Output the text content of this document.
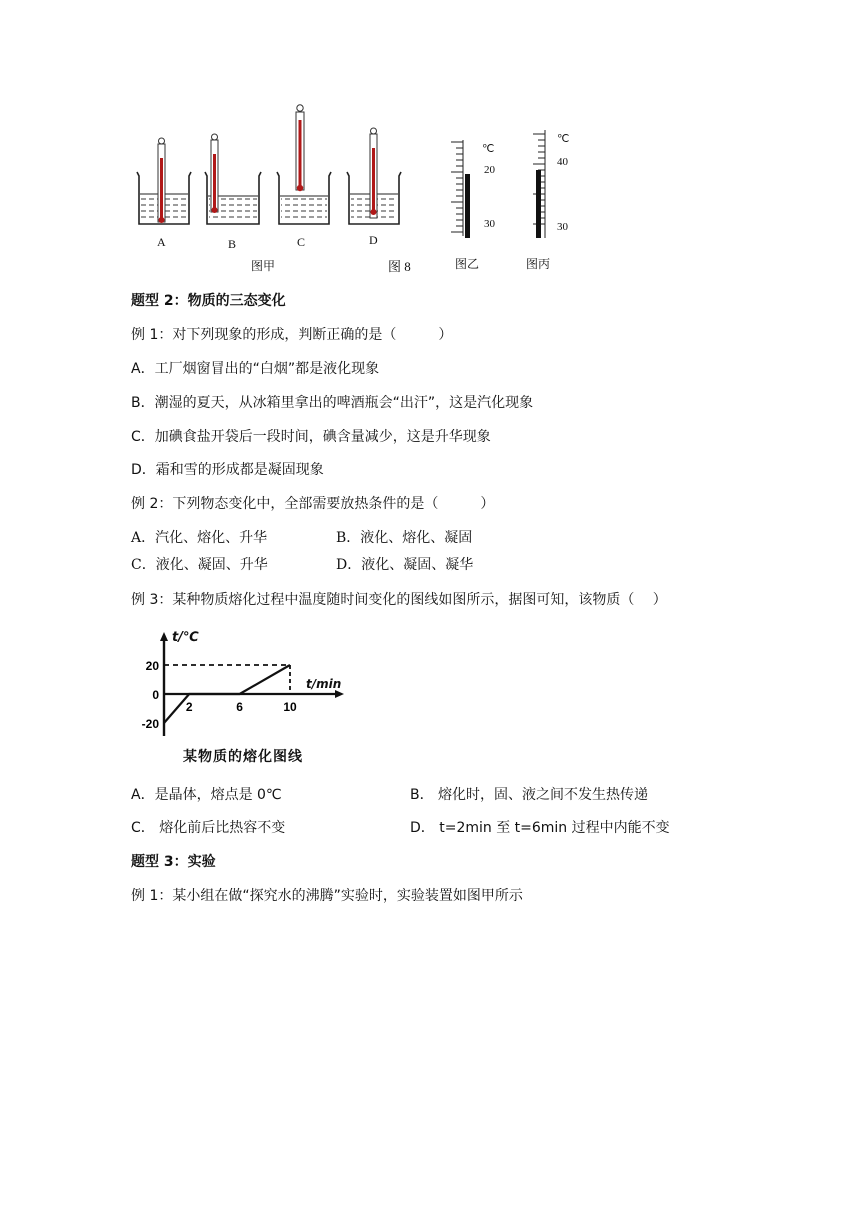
A	B	C	D
图甲	图 8	图乙	图丙
℃
20
30
℃
40
30
题型 2：物质的三态变化
例 1：对下列现象的形成，判断正确的是（　　　）
A．工厂烟窗冒出的“白烟”都是液化现象
B．潮湿的夏天，从冰箱里拿出的啤酒瓶会“出汗”，这是汽化现象
C．加碘食盐开袋后一段时间，碘含量减少，这是升华现象
D．霜和雪的形成都是凝固现象
例 2：下列物态变化中，全部需要放热条件的是（　　　）
A．汽化、熔化、升华	B．液化、熔化、凝固
C．液化、凝固、升华	D．液化、凝固、凝华
例 3：某种物质熔化过程中温度随时间变化的图线如图所示，据图可知，该物质（　 ）
2	6	10
20
0
-20
t/℃
t/min
某物质的熔化图线
A．是晶体，熔点是 0℃	B． 熔化时，固、液之间不发生热传递
C． 熔化前后比热容不变	D． t=2min 至 t=6min 过程中内能不变
题型 3：实验
例 1：某小组在做“探究水的沸腾”实验时，实验装置如图甲所示
